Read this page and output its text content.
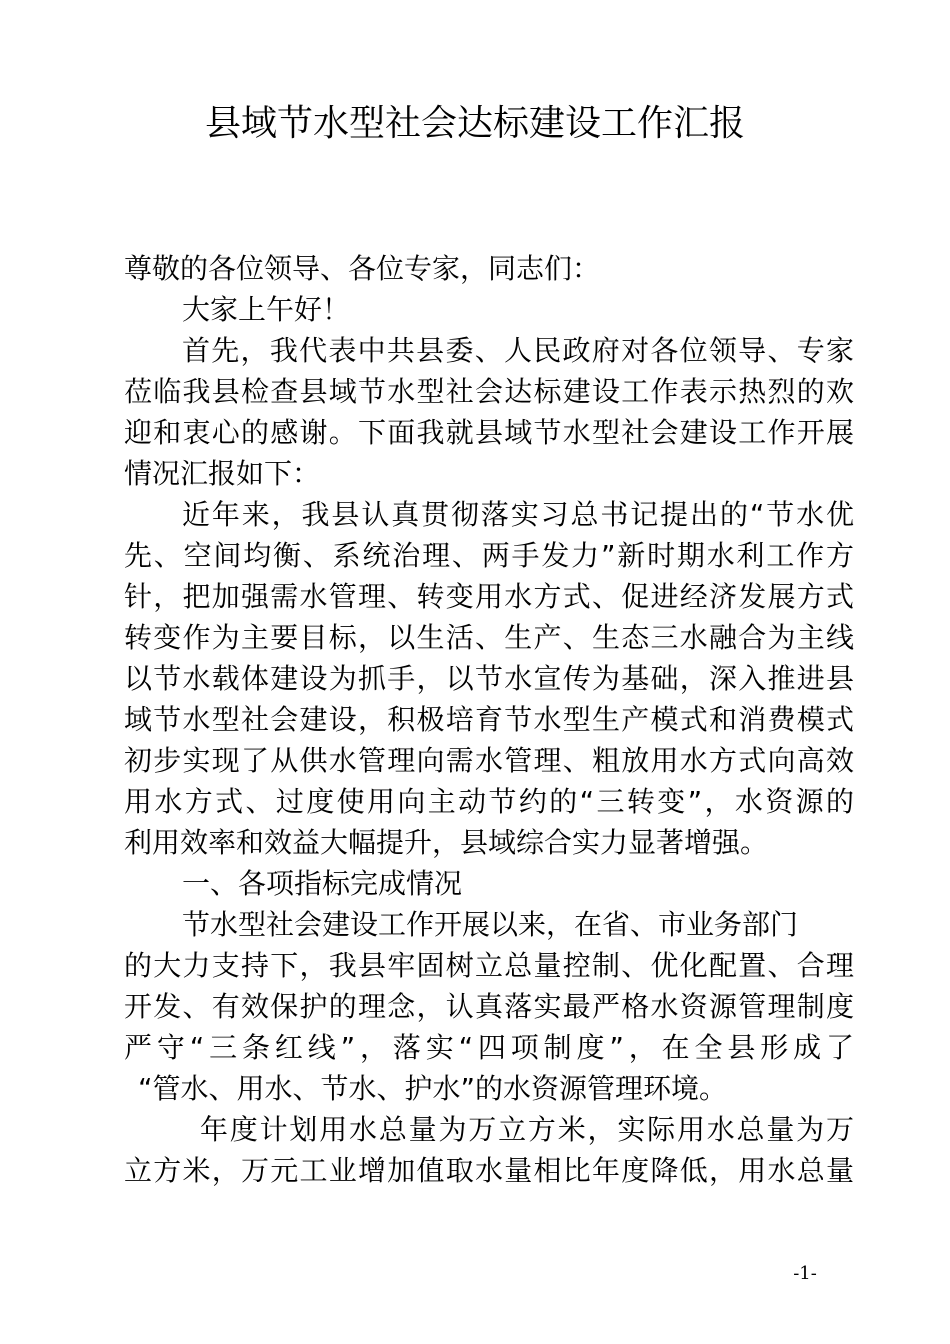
县域节水型社会达标建设工作汇报

尊敬的各位领导、各位专家，同志们：

大家上午好！

首先，我代表中共县委、人民政府对各位领导、专家

莅临我县检查县域节水型社会达标建设工作表示热烈的欢

迎和衷心的感谢。下面我就县域节水型社会建设工作开展

情况汇报如下：

近年来，我县认真贯彻落实习总书记提出的“节水优

先、空间均衡、系统治理、两手发力”新时期水利工作方

针，把加强需水管理、转变用水方式、促进经济发展方式

转变作为主要目标，以生活、生产、生态三水融合为主线

以节水载体建设为抓手，以节水宣传为基础，深入推进县

域节水型社会建设，积极培育节水型生产模式和消费模式

初步实现了从供水管理向需水管理、粗放用水方式向高效

用水方式、过度使用向主动节约的“三转变”，水资源的

利用效率和效益大幅提升，县域综合实力显著增强。

一、各项指标完成情况

节水型社会建设工作开展以来，在省、市业务部门

的大力支持下，我县牢固树立总量控制、优化配置、合理

开发、有效保护的理念，认真落实最严格水资源管理制度

严守“三条红线”，落实“四项制度”，在全县形成了

“管水、用水、节水、护水”的水资源管理环境。

年度计划用水总量为万立方米，实际用水总量为万

立方米，万元工业增加值取水量相比年度降低，用水总量

-1-
